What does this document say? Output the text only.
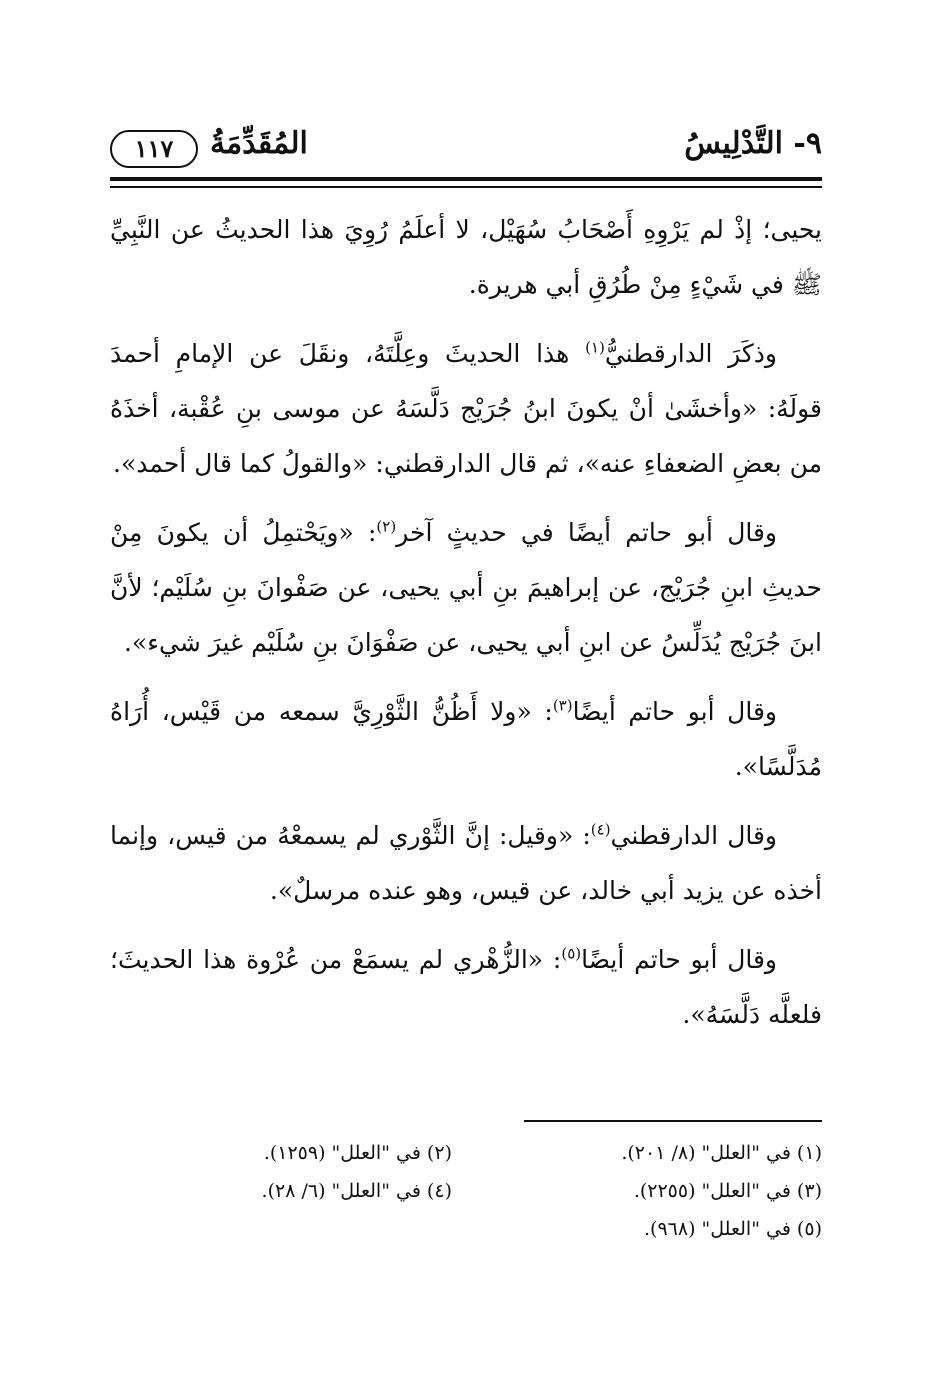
٩- التَّدْلِيسُ
المُقَدِّمَةُ
١١٧

يحيى؛ إذْ لم يَرْوِهِ أَصْحَابُ سُهَيْل، لا أعلَمُ رُوِيَ هذا الحديثُ عن النَّبِيِّ ﷺ في شَيْءٍ مِنْ طُرُقِ أبي هريرة.

وذكَرَ الدارقطنيُّ$^{(١)}$ هذا الحديثَ وعِلَّتَهُ، ونقَلَ عن الإمامِ أحمدَ قولَهُ: «وأخشَىٰ أنْ يكونَ ابنُ جُرَيْج دَلَّسَهُ عن موسى بنِ عُقْبة، أخذَهُ من بعضِ الضعفاءِ عنه»، ثم قال الدارقطني: «والقولُ كما قال أحمد».

وقال أبو حاتم أيضًا في حديثٍ آخر$^{(٢)}$: «ويَحْتمِلُ أن يكونَ مِنْ حديثِ ابنِ جُرَيْج، عن إبراهيمَ بنِ أبي يحيى، عن صَفْوانَ بنِ سُلَيْم؛ لأنَّ ابنَ جُرَيْج يُدَلِّسُ عن ابنِ أبي يحيى، عن صَفْوَانَ بنِ سُلَيْم غيرَ شيء».

وقال أبو حاتم أيضًا$^{(٣)}$: «ولا أَظُنُّ الثَّوْرِيَّ سمعه من قَيْس، أُرَاهُ مُدَلَّسًا».

وقال الدارقطني$^{(٤)}$: «وقيل: إنَّ الثَّوْري لم يسمعْهُ من قيس، وإنما أخذه عن يزيد أبي خالد، عن قيس، وهو عنده مرسلٌ».

وقال أبو حاتم أيضًا$^{(٥)}$: «الزُّهْري لم يسمَعْ من عُرْوة هذا الحديثَ؛ فلعلَّه دَلَّسَهُ».

(١) في "العلل" (٨/ ٢٠١).
(٢) في "العلل" (١٢٥٩).
(٣) في "العلل" (٢٢٥٥).
(٤) في "العلل" (٦/ ٢٨).
(٥) في "العلل" (٩٦٨).
